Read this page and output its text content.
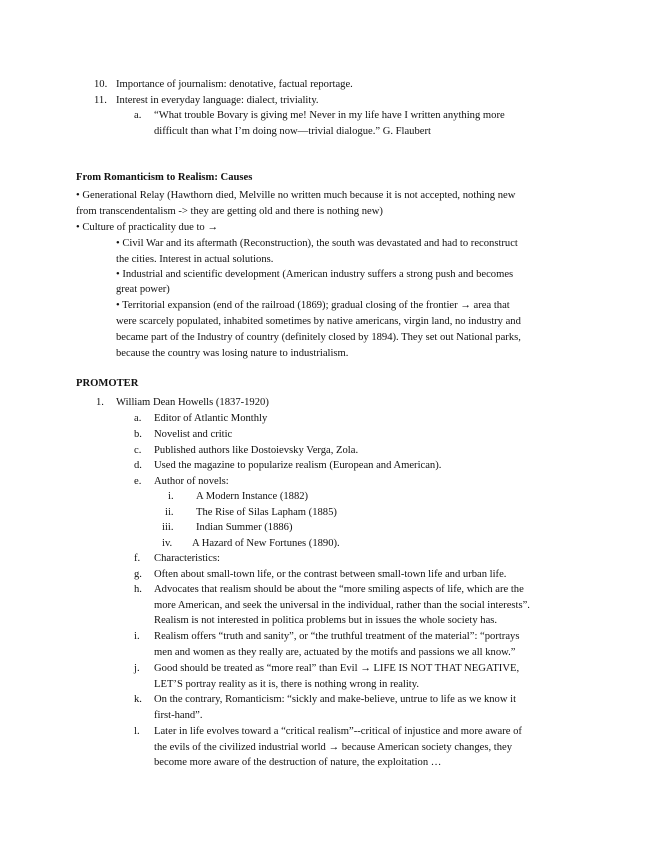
10. Importance of journalism: denotative, factual reportage.
11. Interest in everyday language: dialect, triviality.
a. “What trouble Bovary is giving me! Never in my life have I written anything more
difficult than what I’m doing now—trivial dialogue.” G. Flaubert
From Romanticism to Realism: Causes
• Generational Relay (Hawthorn died, Melville no written much because it is not accepted, nothing new
from transcendentalism -> they are getting old and there is nothing new)
• Culture of practicality due to →
• Civil War and its aftermath (Reconstruction), the south was devastated and had to reconstruct
the cities. Interest in actual solutions.
• Industrial and scientific development (American industry suffers a strong push and becomes
great power)
• Territorial expansion (end of the railroad (1869); gradual closing of the frontier → area that
were scarcely populated, inhabited sometimes by native americans, virgin land, no industry and
became part of the Industry of country (definitely closed by 1894). They set out National parks,
because the country was losing nature to industrialism.
PROMOTER
1. William Dean Howells (1837-1920)
a. Editor of Atlantic Monthly
b. Novelist and critic
c. Published authors like Dostoievsky Verga, Zola.
d. Used the magazine to popularize realism (European and American).
e. Author of novels:
i. A Modern Instance (1882)
ii. The Rise of Silas Lapham (1885)
iii. Indian Summer (1886)
iv. A Hazard of New Fortunes (1890).
f. Characteristics:
g. Often about small-town life, or the contrast between small-town life and urban life.
h. Advocates that realism should be about the “more smiling aspects of life, which are the
more American, and seek the universal in the individual, rather than the social interests”.
Realism is not interested in politica problems but in issues the whole society has.
i. Realism offers “truth and sanity”, or “the truthful treatment of the material”: “portrays
men and women as they really are, actuated by the motifs and passions we all know.”
j. Good should be treated as “more real” than Evil → LIFE IS NOT THAT NEGATIVE,
LET’S portray reality as it is, there is nothing wrong in reality.
k. On the contrary, Romanticism: “sickly and make-believe, untrue to life as we know it
first-hand”.
l. Later in life evolves toward a “critical realism”--critical of injustice and more aware of
the evils of the civilized industrial world → because American society changes, they
become more aware of the destruction of nature, the exploitation …
